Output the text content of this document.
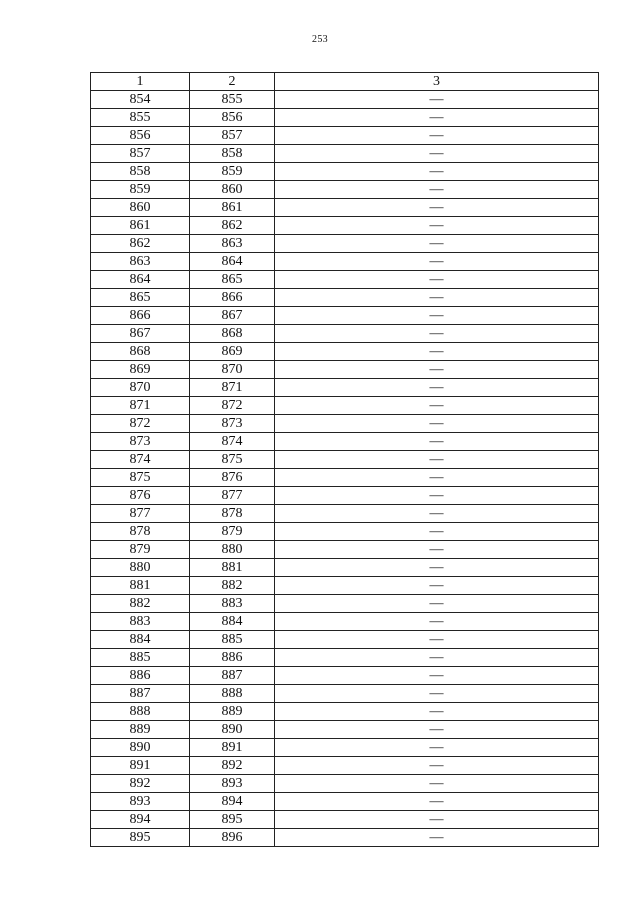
253
1	2	3
854	855	—
855	856	—
856	857	—
857	858	—
858	859	—
859	860	—
860	861	—
861	862	—
862	863	—
863	864	—
864	865	—
865	866	—
866	867	—
867	868	—
868	869	—
869	870	—
870	871	—
871	872	—
872	873	—
873	874	—
874	875	—
875	876	—
876	877	—
877	878	—
878	879	—
879	880	—
880	881	—
881	882	—
882	883	—
883	884	—
884	885	—
885	886	—
886	887	—
887	888	—
888	889	—
889	890	—
890	891	—
891	892	—
892	893	—
893	894	—
894	895	—
895	896	—
